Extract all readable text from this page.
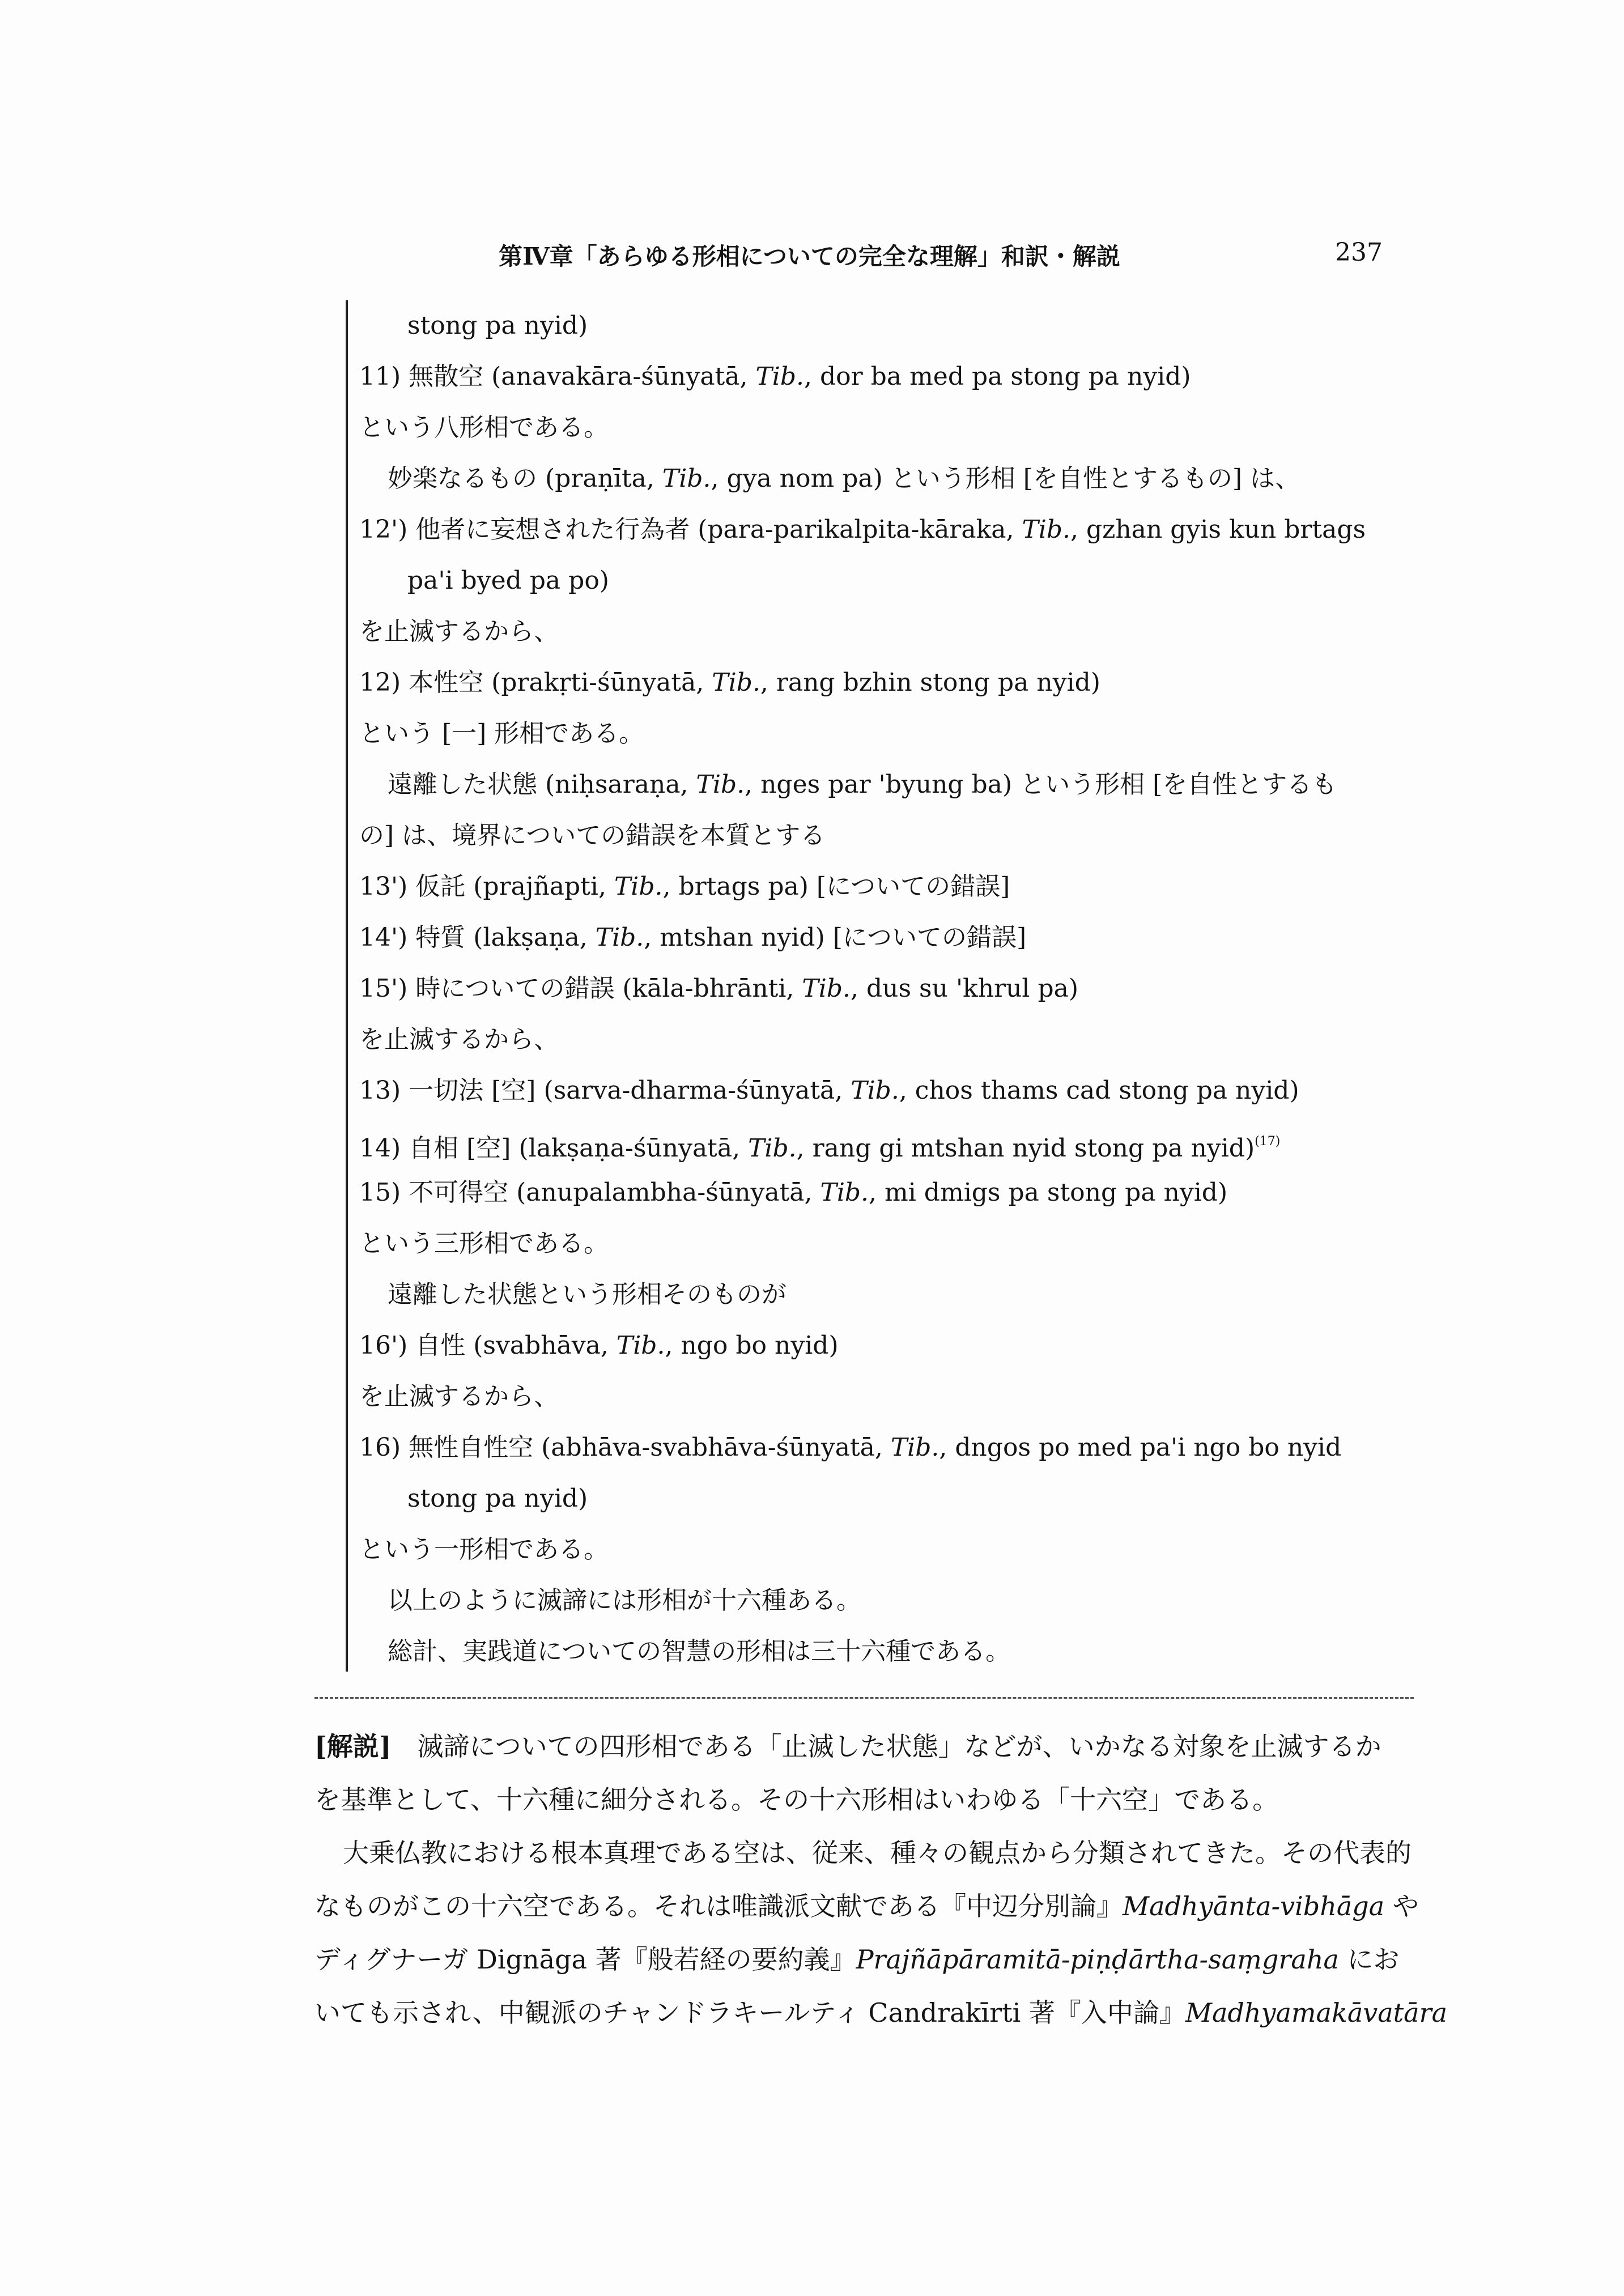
第Ⅳ章「あらゆる形相についての完全な理解」和訳・解説	237
stong pa nyid)
11) 無散空 (anavakāra-śūnyatā, Tib., dor ba med pa stong pa nyid)
という八形相である。
妙楽なるもの (praṇīta, Tib., gya nom pa) という形相 [を自性とするもの] は、
12') 他者に妄想された行為者 (para-parikalpita-kāraka, Tib., gzhan gyis kun brtags
pa'i byed pa po)
を止滅するから、
12) 本性空 (prakṛti-śūnyatā, Tib., rang bzhin stong pa nyid)
という [一] 形相である。
遠離した状態 (niḥsaraṇa, Tib., nges par 'byung ba) という形相 [を自性とするも
の] は、境界についての錯誤を本質とする
13') 仮託 (prajñapti, Tib., brtags pa) [についての錯誤]
14') 特質 (lakṣaṇa, Tib., mtshan nyid) [についての錯誤]
15') 時についての錯誤 (kāla-bhrānti, Tib., dus su 'khrul pa)
を止滅するから、
13) 一切法 [空] (sarva-dharma-śūnyatā, Tib., chos thams cad stong pa nyid)
14) 自相 [空] (lakṣaṇa-śūnyatā, Tib., rang gi mtshan nyid stong pa nyid)$^{(17)}$
15) 不可得空 (anupalambha-śūnyatā, Tib., mi dmigs pa stong pa nyid)
という三形相である。
遠離した状態という形相そのものが
16') 自性 (svabhāva, Tib., ngo bo nyid)
を止滅するから、
16) 無性自性空 (abhāva-svabhāva-śūnyatā, Tib., dngos po med pa'i ngo bo nyid
stong pa nyid)
という一形相である。
以上のように滅諦には形相が十六種ある。
総計、実践道についての智慧の形相は三十六種である。
[解説]　滅諦についての四形相である「止滅した状態」などが、いかなる対象を止滅するか
を基準として、十六種に細分される。その十六形相はいわゆる「十六空」である。
大乗仏教における根本真理である空は、従来、種々の観点から分類されてきた。その代表的
なものがこの十六空である。それは唯識派文献である『中辺分別論』Madhyānta-vibhāga や
ディグナーガ Dignāga 著『般若経の要約義』Prajñāpāramitā-piṇḍārtha-saṃgraha にお
いても示され、中観派のチャンドラキールティ Candrakīrti 著『入中論』Madhyamakāvatāra
